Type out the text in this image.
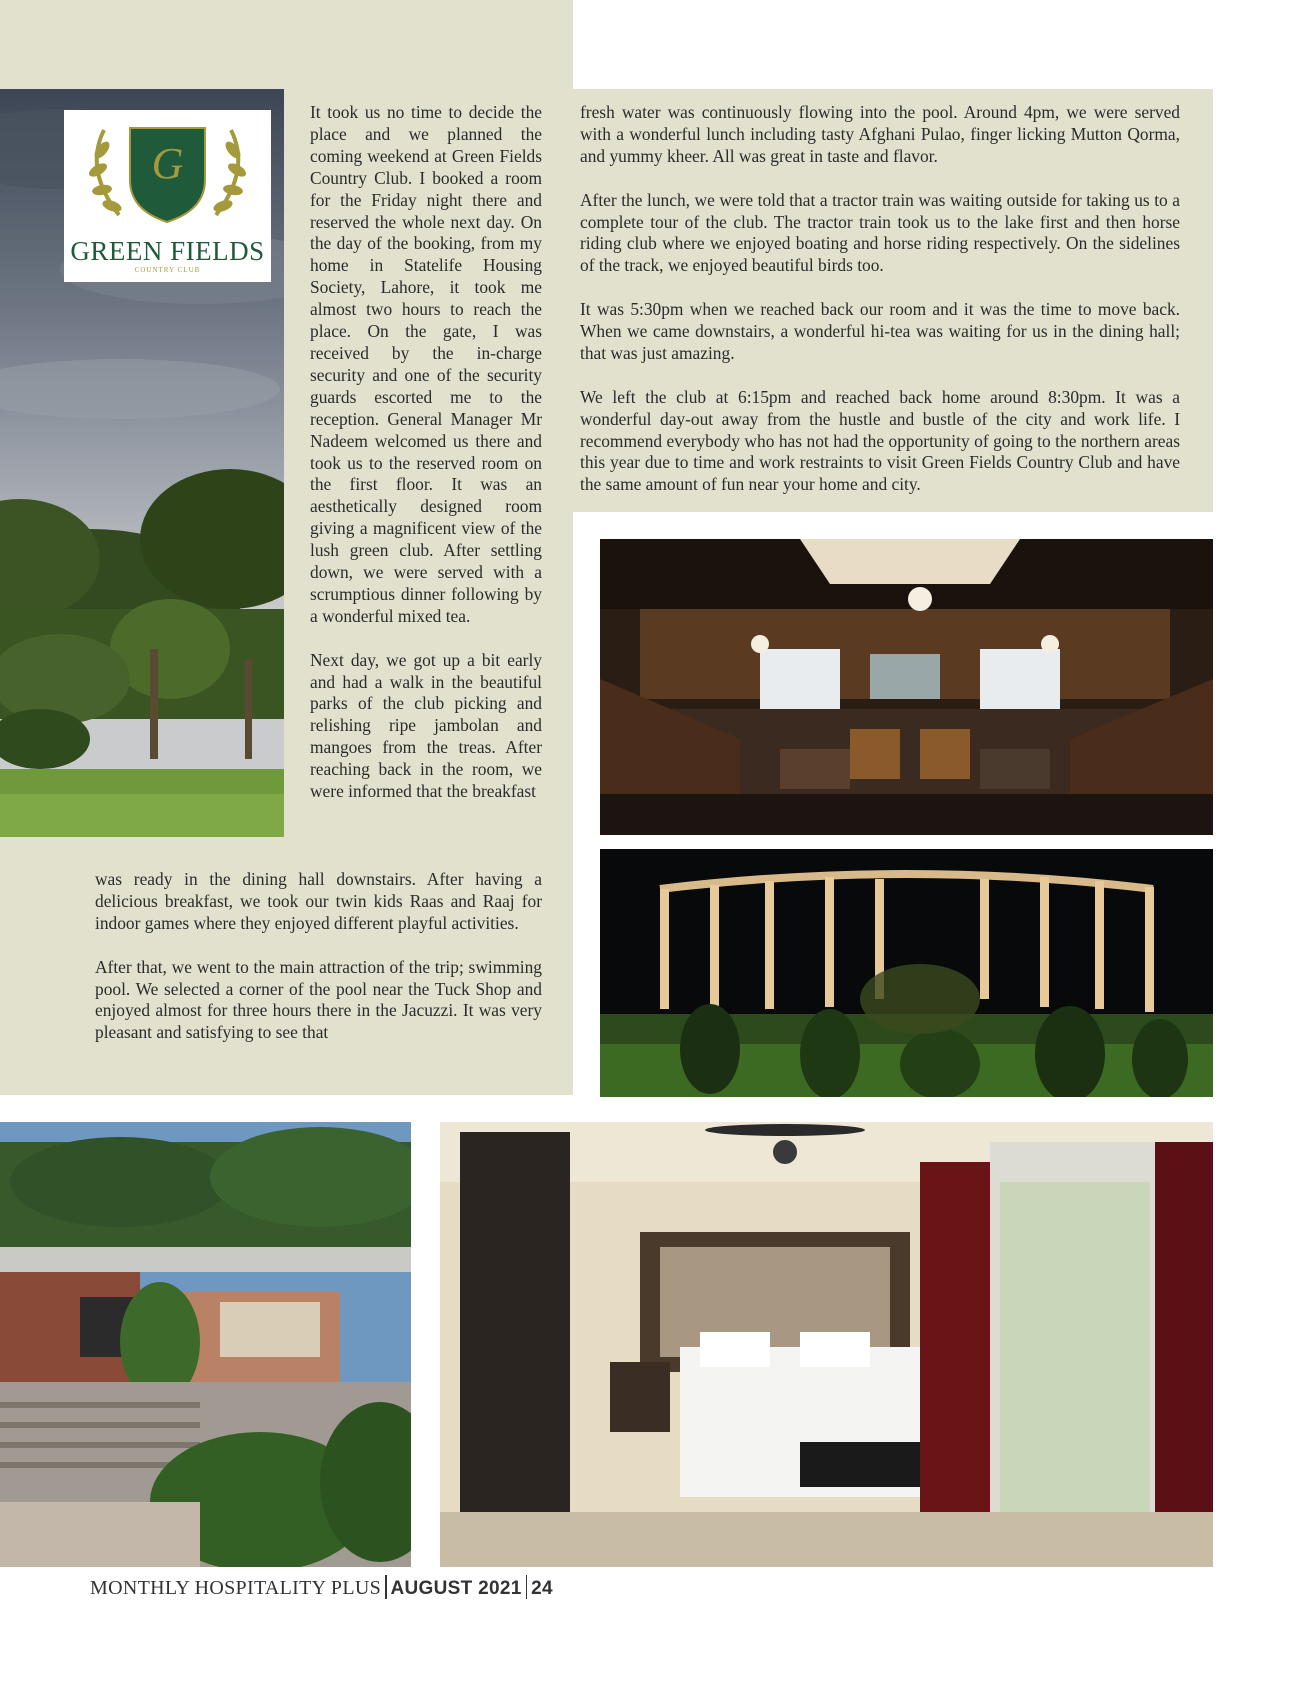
G
GREEN FIELDS
COUNTRY CLUB

It took us no time to decide the place and we planned the coming weekend at Green Fields Country Club. I booked a room for the Friday night there and reserved the whole next day. On the day of the booking, from my home in Statelife Housing Society, Lahore, it took me almost two hours to reach the place. On the gate, I was received by the in-charge security and one of the security guards escorted me to the reception. General Manager Mr Nadeem welcomed us there and took us to the reserved room on the first floor. It was an aesthetically designed room giving a magnificent view of the lush green club. After settling down, we were served with a scrumptious dinner following by a wonderful mixed tea.

Next day, we got up a bit early and had a walk in the beautiful parks of the club picking and relishing ripe jambolan and mangoes from the treas. After reaching back in the room, we were informed that the breakfast

was ready in the dining hall downstairs. After having a delicious breakfast, we took our twin kids Raas and Raaj for indoor games where they enjoyed different playful activities.

After that, we went to the main attraction of the trip; swimming pool. We selected a corner of the pool near the Tuck Shop and enjoyed almost for three hours there in the Jacuzzi. It was very pleasant and satisfying to see that

fresh water was continuously flowing into the pool. Around 4pm, we were served with a wonderful lunch including tasty Afghani Pulao, finger licking Mutton Qorma, and yummy kheer. All was great in taste and flavor.

After the lunch, we were told that a tractor train was waiting outside for taking us to a complete tour of the club. The tractor train took us to the lake first and then horse riding club where we enjoyed boating and horse riding respectively. On the sidelines of the track, we enjoyed beautiful birds too.

It was 5:30pm when we reached back our room and it was the time to move back. When we came downstairs, a wonderful hi-tea was waiting for us in the dining hall; that was just amazing.

We left the club at 6:15pm and reached back home around 8:30pm. It was a wonderful day-out away from the hustle and bustle of the city and work life. I recommend everybody who has not had the opportunity of going to the northern areas this year due to time and work restraints to visit Green Fields Country Club and have the same amount of fun near your home and city.

MONTHLY HOSPITALITY PLUS AUGUST 2021 24
